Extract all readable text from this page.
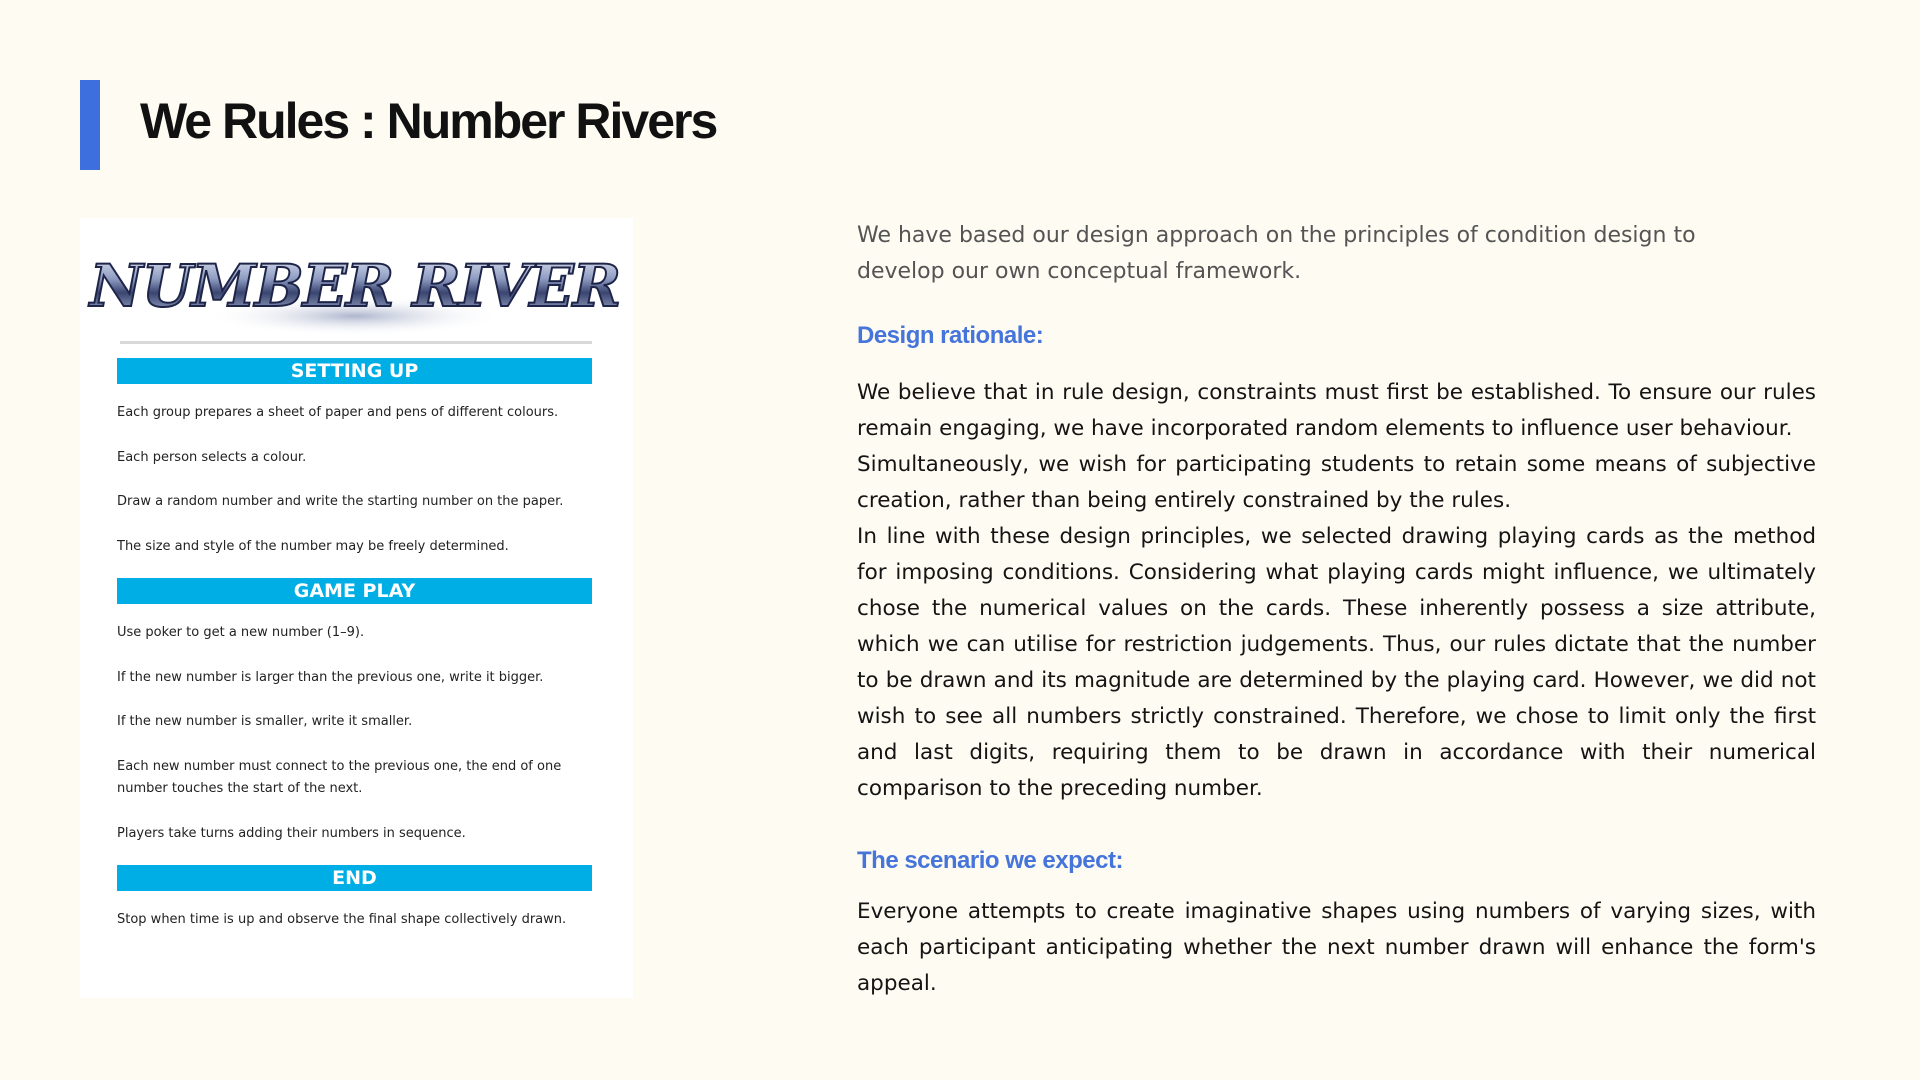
We Rules : Number Rivers
NUMBER RIVER
SETTING UP
Each group prepares a sheet of paper and pens of different colours.
Each person selects a colour.
Draw a random number and write the starting number on the paper.
The size and style of the number may be freely determined.
GAME PLAY
Use poker to get a new number (1–9).
If the new number is larger than the previous one, write it bigger.
If the new number is smaller, write it smaller.
Each new number must connect to the previous one, the end of one number touches the start of the next.
Players take turns adding their numbers in sequence.
END
Stop when time is up and observe the final shape collectively drawn.
We have based our design approach on the principles of condition design to develop our own conceptual framework.
Design rationale:

We believe that in rule design, constraints must first be established. To ensure our rules remain engaging, we have incorporated random elements to influence user behaviour.

Simultaneously, we wish for participating students to retain some means of subjective creation, rather than being entirely constrained by the rules.

In line with these design principles, we selected drawing playing cards as the method for imposing conditions. Considering what playing cards might influence, we ultimately chose the numerical values on the cards. These inherently possess a size attribute, which we can utilise for restriction judgements. Thus, our rules dictate that the number to be drawn and its magnitude are determined by the playing card. However, we did not wish to see all numbers strictly constrained. Therefore, we chose to limit only the first and last digits, requiring them to be drawn in accordance with their numerical comparison to the preceding number.

The scenario we expect:

Everyone attempts to create imaginative shapes using numbers of varying sizes, with each participant anticipating whether the next number drawn will enhance the form's appeal.
